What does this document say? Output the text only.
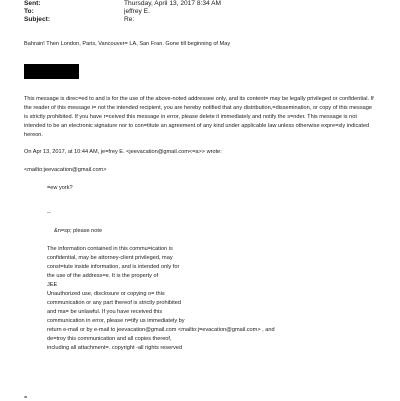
Sent:	Thursday, April 13, 2017 8:34 AM
To:	jeffrey E.
Subject:	Re:
Bahrain! Then London, Paris, Vancouver= LA, San Fran. Gone till beginning of May
This message is direc=ed to and is for the use of the above-noted addressee only, and its content= may be legally privileged or confidential. If the reader of this message i= not the intended recipient, you are hereby notified that any distribution,=dissemination, or copy of this message is strictly prohibited. If you have r=ceived this message in error, please delete it immediately and notify the s=nder. This message is not intended to be an electronic signature nor to con=titute an agreement of any kind under applicable law unless otherwise expre=sly indicated hereon.
On Apr 13, 2017, at 10:44 AM, je=frey E. <jeevacation@gmail.com<=a>> wrote:
<mailto:jeevacation@gmail.com>
=ew york?
--
&n=sp; please note
The information contained in this commu=ication is
confidential, may be attorney-client privileged, may
const=tute inside information, and is intended only for
the use of the address=e. It is the property of
JEE
Unauthorized use, disclosure or copying o= this
communication or any part thereof is strictly prohibited
and ma= be unlawful. If you have received this
communication in error, please n=tify us immediately by
return e-mail or by e-mail to jeevacation@gmail.com <mailto:j=evacation@gmail.com> , and
de=troy this communication and all copies thereof,
including all attachment=. copyright -all rights reserved
=
